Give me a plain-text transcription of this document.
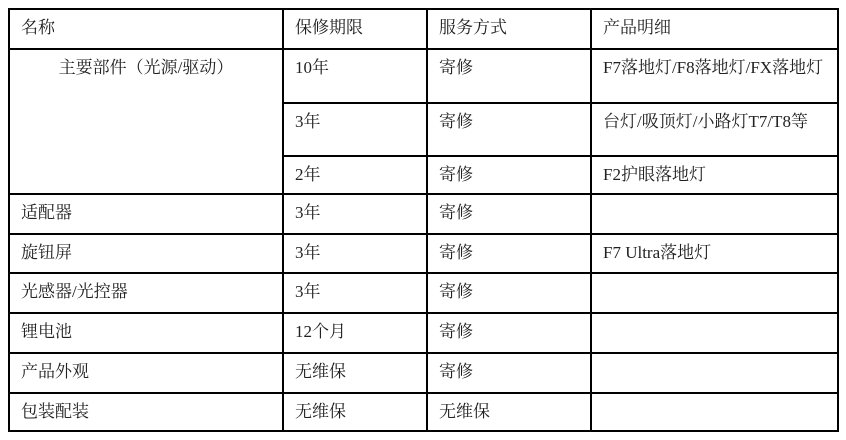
名称	保修期限	服务方式	产品明细
主要部件（光源/驱动）	10年	寄修	F7落地灯/F8落地灯/FX落地灯
	3年	寄修	台灯/吸顶灯/小路灯T7/T8等
	2年	寄修	F2护眼落地灯
适配器	3年	寄修	
旋钮屏	3年	寄修	F7 Ultra落地灯
光感器/光控器	3年	寄修	
锂电池	12个月	寄修	
产品外观	无维保	寄修	
包装配装	无维保	无维保	
